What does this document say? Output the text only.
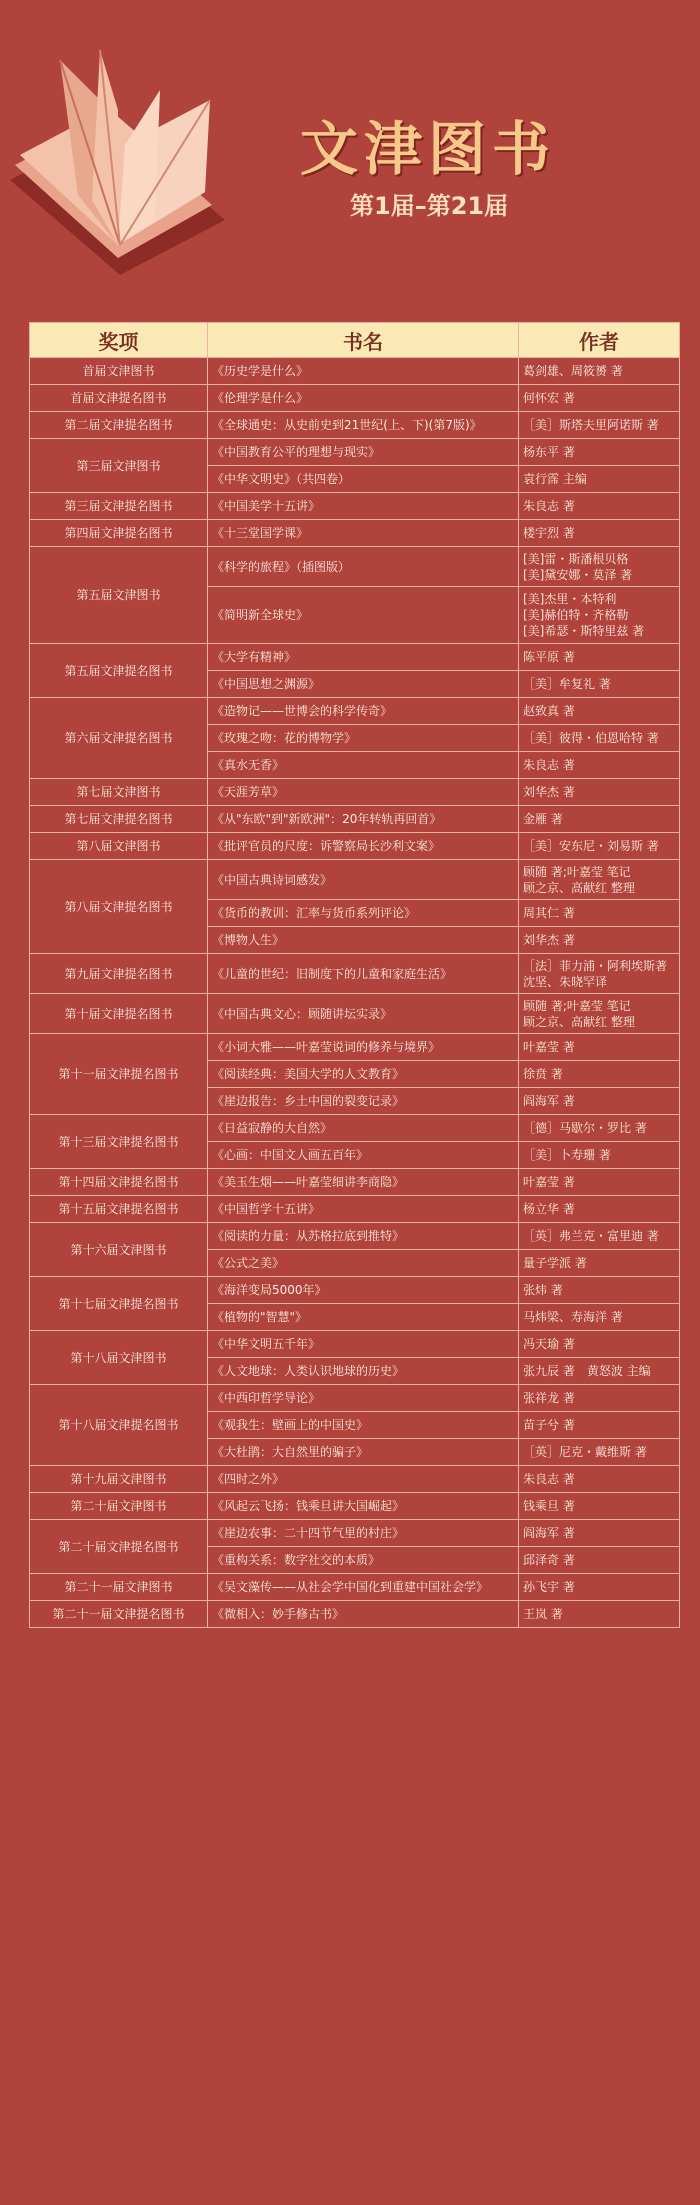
文津图书
第1届–第21届
奖项	书名	作者
首届文津图书	《历史学是什么》	葛剑雄、周筱赟 著
首届文津提名图书	《伦理学是什么》	何怀宏 著
第二届文津提名图书	《全球通史：从史前史到21世纪(上、下)(第7版)》	［美］斯塔夫里阿诺斯 著
第三届文津图书	《中国教育公平的理想与现实》	杨东平 著
	《中华文明史》（共四卷）	袁行霈 主编
第三届文津提名图书	《中国美学十五讲》	朱良志 著
第四届文津提名图书	《十三堂国学课》	楼宇烈 著
第五届文津图书	《科学的旅程》（插图版）	[美]雷・斯潘根贝格
[美]黛安娜・莫泽 著
	《简明新全球史》	[美]杰里・本特利
[美]赫伯特・齐格勒
[美]希瑟・斯特里兹 著
第五届文津提名图书	《大学有精神》	陈平原 著
	《中国思想之渊源》	［美］牟复礼 著
第六届文津提名图书	《造物记——世博会的科学传奇》	赵致真 著
	《玫瑰之吻：花的博物学》	［美］彼得・伯恩哈特 著
	《真水无香》	朱良志 著
第七届文津图书	《天涯芳草》	刘华杰 著
第七届文津提名图书	《从"东欧"到"新欧洲"：20年转轨再回首》	金雁 著
第八届文津图书	《批评官员的尺度：诉警察局长沙利文案》	［美］安东尼・刘易斯 著
第八届文津提名图书	《中国古典诗词感发》	顾随 著;叶嘉莹 笔记
顾之京、高献红 整理
	《货币的教训：汇率与货币系列评论》	周其仁 著
	《博物人生》	刘华杰 著
第九届文津提名图书	《儿童的世纪：旧制度下的儿童和家庭生活》	［法］菲力浦・阿利埃斯著
沈坚、朱晓罕译
第十届文津提名图书	《中国古典文心：顾随讲坛实录》	顾随 著;叶嘉莹 笔记
顾之京、高献红 整理
第十一届文津提名图书	《小词大雅——叶嘉莹说词的修养与境界》	叶嘉莹 著
	《阅读经典：美国大学的人文教育》	徐贲 著
	《崖边报告：乡土中国的裂变记录》	阎海军 著
第十三届文津提名图书	《日益寂静的大自然》	［德］马歇尔・罗比 著
	《心画：中国文人画五百年》	［美］卜寿珊 著
第十四届文津提名图书	《美玉生烟——叶嘉莹细讲李商隐》	叶嘉莹 著
第十五届文津提名图书	《中国哲学十五讲》	杨立华 著
第十六届文津图书	《阅读的力量：从苏格拉底到推特》	［英］弗兰克・富里迪 著
	《公式之美》	量子学派 著
第十七届文津提名图书	《海洋变局5000年》	张炜 著
	《植物的"智慧"》	马炜梁、寿海洋 著
第十八届文津图书	《中华文明五千年》	冯天瑜 著
	《人文地球：人类认识地球的历史》	张九辰 著　黄怒波 主编
第十八届文津提名图书	《中西印哲学导论》	张祥龙 著
	《观我生：壁画上的中国史》	苗子兮 著
	《大杜鹃：大自然里的骗子》	［英］尼克・戴维斯 著
第十九届文津图书	《四时之外》	朱良志 著
第二十届文津图书	《风起云飞扬：钱乘旦讲大国崛起》	钱乘旦 著
第二十届文津提名图书	《崖边农事：二十四节气里的村庄》	阎海军 著
	《重构关系：数字社交的本质》	邱泽奇 著
第二十一届文津图书	《吴文藻传——从社会学中国化到重建中国社会学》	孙飞宇 著
第二十一届文津提名图书	《微相入：妙手修古书》	王岚 著
